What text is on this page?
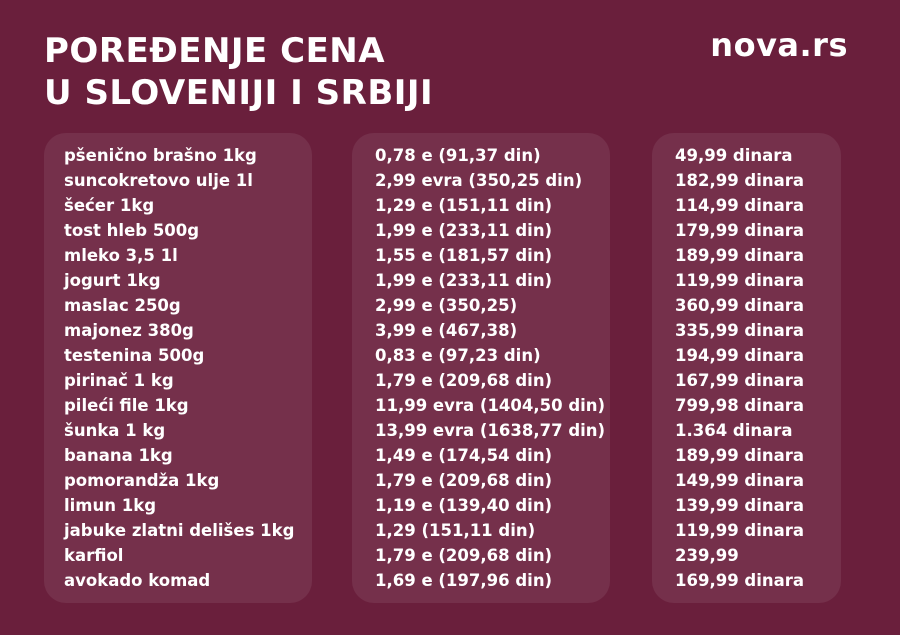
POREĐENJE CENA
U SLOVENIJI I SRBIJI
nova.rs
pšenično brašno 1kg
suncokretovo ulje 1l
šećer 1kg
tost hleb 500g
mleko 3,5 1l
jogurt 1kg
maslac 250g
majonez 380g
testenina 500g
pirinač 1 kg
pileći file 1kg
šunka 1 kg
banana 1kg
pomorandža 1kg
limun 1kg
jabuke zlatni delišes 1kg
karfiol
avokado komad
0,78 e (91,37 din)
2,99 evra (350,25 din)
1,29 e (151,11 din)
1,99 e (233,11 din)
1,55 e (181,57 din)
1,99 e (233,11 din)
2,99 e (350,25)
3,99 e (467,38)
0,83 e (97,23 din)
1,79 e (209,68 din)
11,99 evra (1404,50 din)
13,99 evra (1638,77 din)
1,49 e (174,54 din)
1,79 e (209,68 din)
1,19 e (139,40 din)
1,29 (151,11 din)
1,79 e (209,68 din)
1,69 e (197,96 din)
49,99 dinara
182,99 dinara
114,99 dinara
179,99 dinara
189,99 dinara
119,99 dinara
360,99 dinara
335,99 dinara
194,99 dinara
167,99 dinara
799,98 dinara
1.364 dinara
189,99 dinara
149,99 dinara
139,99 dinara
119,99 dinara
239,99
169,99 dinara
